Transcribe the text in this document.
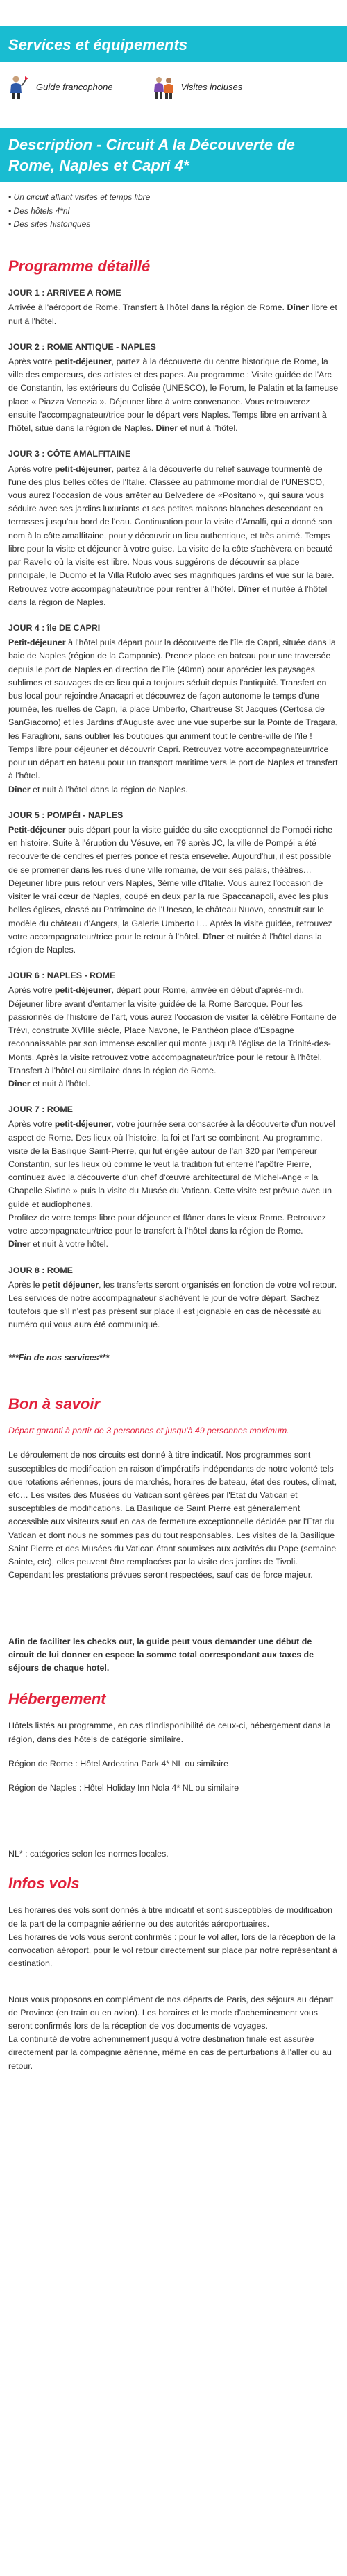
Services et équipements
Guide francophone	Visites incluses
Description - Circuit A la Découverte de Rome, Naples et Capri 4*
• Un circuit alliant visites et temps libre
• Des hôtels 4*nl
• Des sites historiques
Programme détaillé
JOUR 1 : ARRIVEE A ROME

Arrivée à l'aéroport de Rome. Transfert à l'hôtel dans la région de Rome. Dîner libre et nuit à l'hôtel.

JOUR 2 : ROME ANTIQUE - NAPLES

Après votre petit-déjeuner, partez à la découverte du centre historique de Rome, la ville des empereurs, des artistes et des papes. Au programme : Visite guidée de l'Arc de Constantin, les extérieurs du Colisée (UNESCO), le Forum, le Palatin et la fameuse place « Piazza Venezia ». Déjeuner libre à votre convenance. Vous retrouverez ensuite l'accompagnateur/trice pour le départ vers Naples. Temps libre en arrivant à l'hôtel, situé dans la région de Naples. Dîner et nuit à l'hôtel.

JOUR 3 : CÔTE AMALFITAINE

Après votre petit-déjeuner, partez à la découverte du relief sauvage tourmenté de l'une des plus belles côtes de l'Italie. Classée au patrimoine mondial de l'UNESCO, vous aurez l'occasion de vous arrêter au Belvedere de «Positano », qui saura vous séduire avec ses jardins luxuriants et ses petites maisons blanches descendant en terrasses jusqu'au bord de l'eau. Continuation pour la visite d'Amalfi, qui a donné son nom à la côte amalfitaine, pour y découvrir un lieu authentique, et très animé. Temps libre pour la visite et déjeuner à votre guise. La visite de la côte s'achèvera en beauté par Ravello où la visite est libre. Nous vous suggérons de découvrir sa place principale, le Duomo et la Villa Rufolo avec ses magnifiques jardins et vue sur la baie. Retrouvez votre accompagnateur/trice pour rentrer à l'hôtel. Dîner et nuitée à l'hôtel dans la région de Naples.

JOUR 4 : île DE CAPRI

Petit-déjeuner à l'hôtel puis départ pour la découverte de l'île de Capri, située dans la baie de Naples (région de la Campanie). Prenez place en bateau pour une traversée depuis le port de Naples en direction de l'île (40mn) pour apprécier les paysages sublimes et sauvages de ce lieu qui a toujours séduit depuis l'antiquité. Transfert en bus local pour rejoindre Anacapri et découvrez de façon autonome le temps d'une journée, les ruelles de Capri, la place Umberto, Chartreuse St Jacques (Certosa de SanGiacomo) et les Jardins d'Auguste avec une vue superbe sur la Pointe de Tragara, les Faraglioni, sans oublier les boutiques qui animent tout le centre-ville de l'île !

Temps libre pour déjeuner et découvrir Capri. Retrouvez votre accompagnateur/trice pour un départ en bateau pour un transport maritime vers le port de Naples et transfert à l'hôtel.

Dîner et nuit à l'hôtel dans la région de Naples.

JOUR 5 : POMPÉI - NAPLES

Petit-déjeuner puis départ pour la visite guidée du site exceptionnel de Pompéi riche en histoire. Suite à l'éruption du Vésuve, en 79 après JC, la ville de Pompéi a été recouverte de cendres et pierres ponce et resta ensevelie. Aujourd'hui, il est possible de se promener dans les rues d'une ville romaine, de voir ses palais, théâtres…

Déjeuner libre puis retour vers Naples, 3ème ville d'Italie. Vous aurez l'occasion de visiter le vrai cœur de Naples, coupé en deux par la rue Spaccanapoli, avec les plus belles églises, classé au Patrimoine de l'Unesco, le château Nuovo, construit sur le modèle du château d'Angers, la Galerie Umberto I… Après la visite guidée, retrouvez votre accompagnateur/trice pour le retour à l'hôtel. Dîner et nuitée à l'hôtel dans la région de Naples.

JOUR 6 : NAPLES - ROME

Après votre petit-déjeuner, départ pour Rome, arrivée en début d'après-midi. Déjeuner libre avant d'entamer la visite guidée de la Rome Baroque. Pour les passionnés de l'histoire de l'art, vous aurez l'occasion de visiter la célèbre Fontaine de Trévi, construite XVIIIe siècle, Place Navone, le Panthéon place d'Espagne reconnaissable par son immense escalier qui monte jusqu'à l'église de la Trinité-des-Monts. Après la visite retrouvez votre accompagnateur/trice pour le retour à l'hôtel.

Transfert à l'hôtel ou similaire dans la région de Rome.

Dîner et nuit à l'hôtel.

JOUR 7 : ROME

Après votre petit-déjeuner, votre journée sera consacrée à la découverte d'un nouvel aspect de Rome. Des lieux où l'histoire, la foi et l'art se combinent. Au programme, visite de la Basilique Saint-Pierre, qui fut érigée autour de l'an 320 par l'empereur Constantin, sur les lieux où comme le veut la tradition fut enterré l'apôtre Pierre, continuez avec la découverte d'un chef d'œuvre architectural de Michel-Ange « la Chapelle Sixtine » puis la visite du Musée du Vatican. Cette visite est prévue avec un guide et audiophones.

Profitez de votre temps libre pour déjeuner et flâner dans le vieux Rome. Retrouvez votre accompagnateur/trice pour le transfert à l'hôtel dans la région de Rome.

Dîner et nuit à votre hôtel.

JOUR 8 : ROME

Après le petit déjeuner, les transferts seront organisés en fonction de votre vol retour.

Les services de notre accompagnateur s'achèvent le jour de votre départ. Sachez toutefois que s'il n'est pas présent sur place il est joignable en cas de nécessité au numéro qui vous aura été communiqué.

***Fin de nos services***
Bon à savoir

Départ garanti à partir de 3 personnes et jusqu'à 49 personnes maximum.

Le déroulement de nos circuits est donné à titre indicatif. Nos programmes sont susceptibles de modification en raison d'impératifs indépendants de notre volonté tels que rotations aériennes, jours de marchés, horaires de bateau, état des routes, climat, etc… Les visites des Musées du Vatican sont gérées par l'Etat du Vatican et susceptibles de modifications. La Basilique de Saint Pierre est généralement accessible aux visiteurs sauf en cas de fermeture exceptionnelle décidée par l'Etat du Vatican et dont nous ne sommes pas du tout responsables. Les visites de la Basilique Saint Pierre et des Musées du Vatican étant soumises aux activités du Pape (semaine Sainte, etc), elles peuvent être remplacées par la visite des jardins de Tivoli. Cependant les prestations prévues seront respectées, sauf cas de force majeur.

Afin de faciliter les checks out, la guide peut vous demander une début de circuit de lui donner en espece la somme total correspondant aux taxes de séjours de chaque hotel.

Hébergement

Hôtels listés au programme, en cas d'indisponibilité de ceux-ci, hébergement dans la région, dans des hôtels de catégorie similaire.

Région de Rome : Hôtel Ardeatina Park 4* NL ou similaire

Région de Naples : Hôtel Holiday Inn Nola 4* NL ou similaire

NL* : catégories selon les normes locales.

Infos vols

Les horaires des vols sont donnés à titre indicatif et sont susceptibles de modification de la part de la compagnie aérienne ou des autorités aéroportuaires.

Les horaires de vols vous seront confirmés : pour le vol aller, lors de la réception de la convocation aéroport, pour le vol retour directement sur place par notre représentant à destination.

Nous vous proposons en complément de nos départs de Paris, des séjours au départ de Province (en train ou en avion). Les horaires et le mode d'acheminement vous seront confirmés lors de la réception de vos documents de voyages.

La continuité de votre acheminement jusqu'à votre destination finale est assurée directement par la compagnie aérienne, même en cas de perturbations à l'aller ou au retour.
